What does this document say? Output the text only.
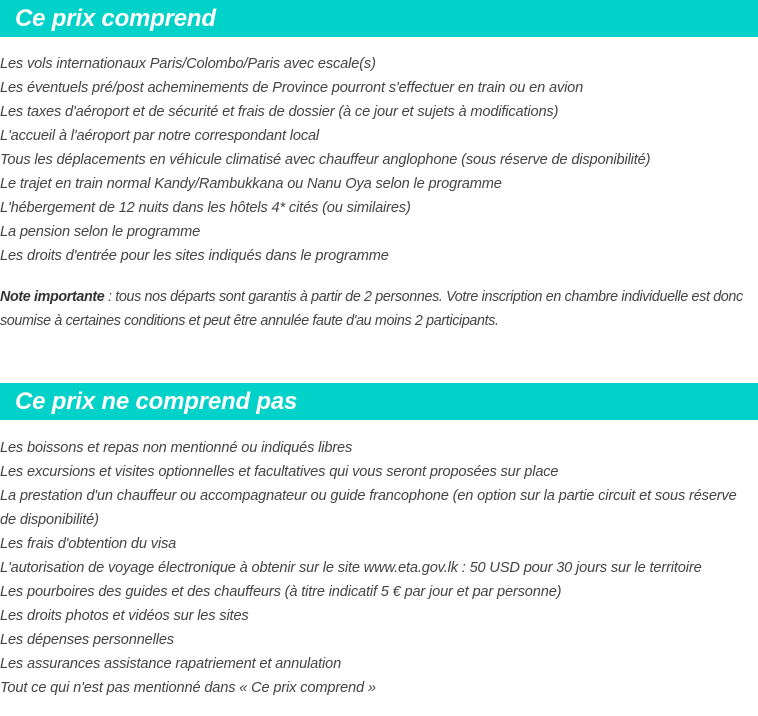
Ce prix comprend
Les vols internationaux Paris/Colombo/Paris avec escale(s)
Les éventuels pré/post acheminements de Province pourront s'effectuer en train ou en avion
Les taxes d'aéroport et de sécurité et frais de dossier (à ce jour et sujets à modifications)
L'accueil à l'aéroport par notre correspondant local
Tous les déplacements en véhicule climatisé avec chauffeur anglophone (sous réserve de disponibilité)
Le trajet en train normal Kandy/Rambukkana ou Nanu Oya selon le programme
L'hébergement de 12 nuits dans les hôtels 4* cités (ou similaires)
La pension selon le programme
Les droits d'entrée pour les sites indiqués dans le programme

Note importante : tous nos départs sont garantis à partir de 2 personnes. Votre inscription en chambre individuelle est donc soumise à certaines conditions et peut être annulée faute d'au moins 2 participants.

Ce prix ne comprend pas
Les boissons et repas non mentionné ou indiqués libres
Les excursions et visites optionnelles et facultatives qui vous seront proposées sur place
La prestation d'un chauffeur ou accompagnateur ou guide francophone (en option sur la partie circuit et sous réserve de disponibilité)
Les frais d'obtention du visa
L'autorisation de voyage électronique à obtenir sur le site www.eta.gov.lk : 50 USD pour 30 jours sur le territoire
Les pourboires des guides et des chauffeurs (à titre indicatif 5 € par jour et par personne)
Les droits photos et vidéos sur les sites
Les dépenses personnelles
Les assurances assistance rapatriement et annulation
Tout ce qui n'est pas mentionné dans « Ce prix comprend »
